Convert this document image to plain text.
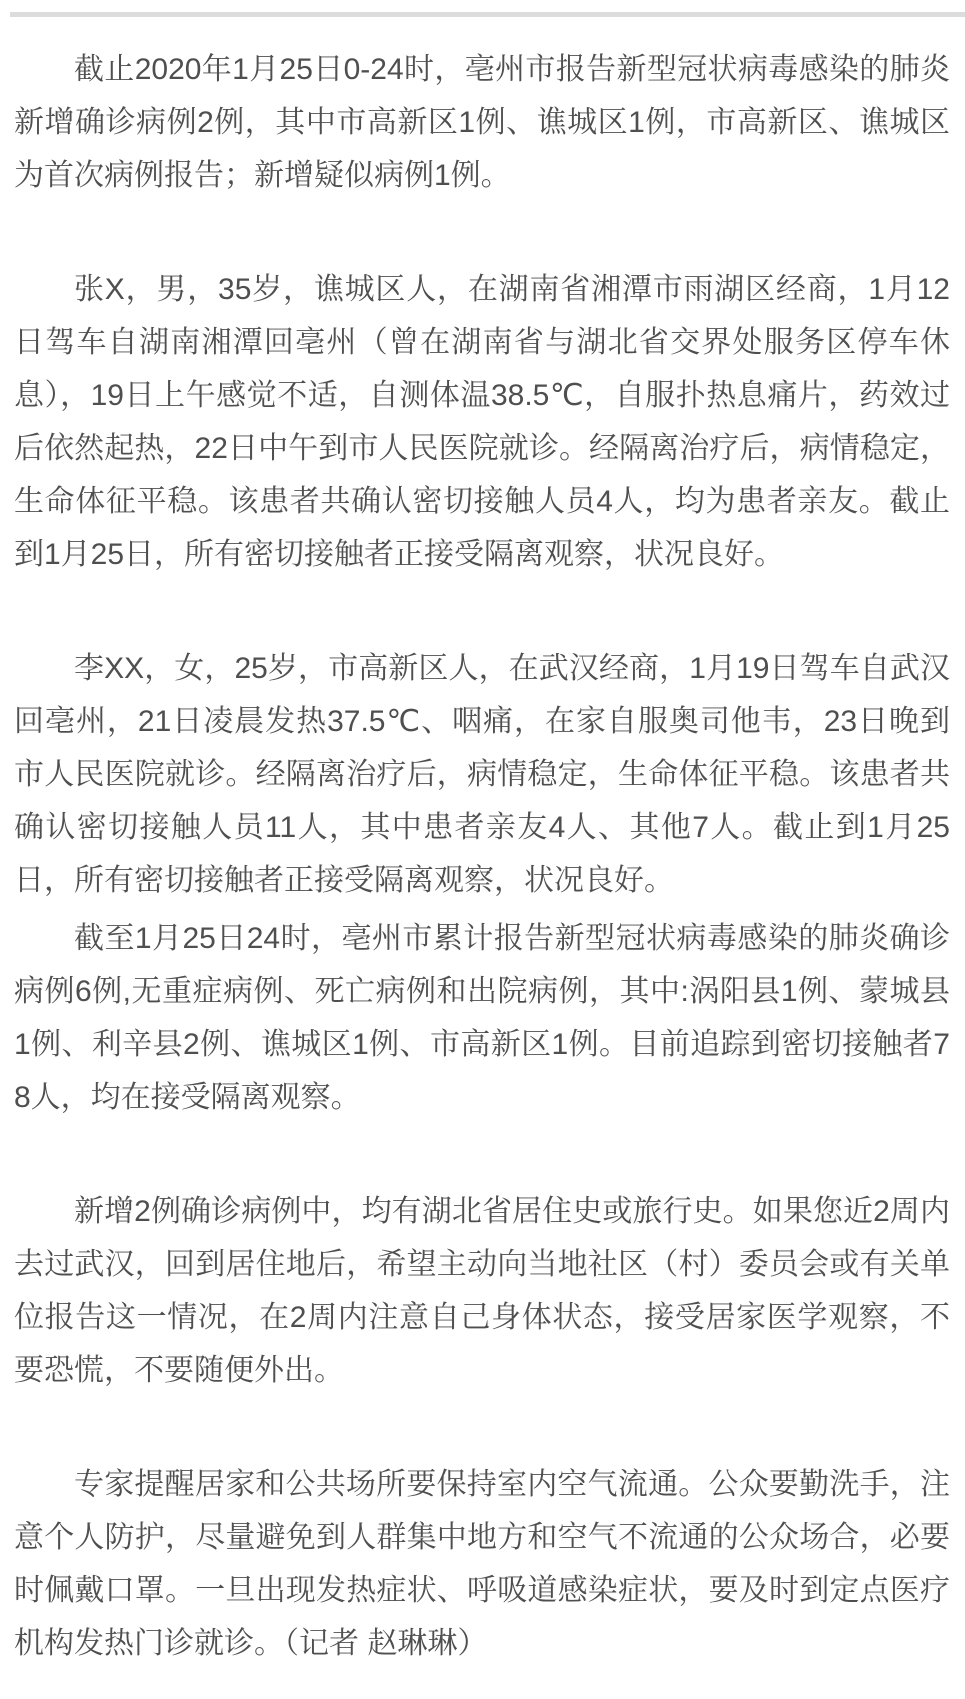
截止2020年1月25日0-24时，亳州市报告新型冠状病毒感染的肺炎新增确诊病例2例，其中市高新区1例、谯城区1例，市高新区、谯城区为首次病例报告；新增疑似病例1例。

张X，男，35岁，谯城区人，在湖南省湘潭市雨湖区经商，1月12日驾车自湖南湘潭回亳州（曾在湖南省与湖北省交界处服务区停车休息），19日上午感觉不适，自测体温38.5℃，自服扑热息痛片，药效过后依然起热，22日中午到市人民医院就诊。经隔离治疗后，病情稳定，生命体征平稳。该患者共确认密切接触人员4人，均为患者亲友。截止到1月25日，所有密切接触者正接受隔离观察，状况良好。

李XX，女，25岁，市高新区人，在武汉经商，1月19日驾车自武汉回亳州，21日凌晨发热37.5℃、咽痛，在家自服奥司他韦，23日晚到市人民医院就诊。经隔离治疗后，病情稳定，生命体征平稳。该患者共确认密切接触人员11人，其中患者亲友4人、其他7人。截止到1月25日，所有密切接触者正接受隔离观察，状况良好。

截至1月25日24时，亳州市累计报告新型冠状病毒感染的肺炎确诊病例6例,无重症病例、死亡病例和出院病例，其中:涡阳县1例、蒙城县1例、利辛县2例、谯城区1例、市高新区1例。目前追踪到密切接触者78人，均在接受隔离观察。

新增2例确诊病例中，均有湖北省居住史或旅行史。如果您近2周内去过武汉，回到居住地后，希望主动向当地社区（村）委员会或有关单位报告这一情况，在2周内注意自己身体状态，接受居家医学观察，不要恐慌，不要随便外出。

专家提醒居家和公共场所要保持室内空气流通。公众要勤洗手，注意个人防护，尽量避免到人群集中地方和空气不流通的公众场合，必要时佩戴口罩。一旦出现发热症状、呼吸道感染症状，要及时到定点医疗机构发热门诊就诊。（记者 赵琳琳）
